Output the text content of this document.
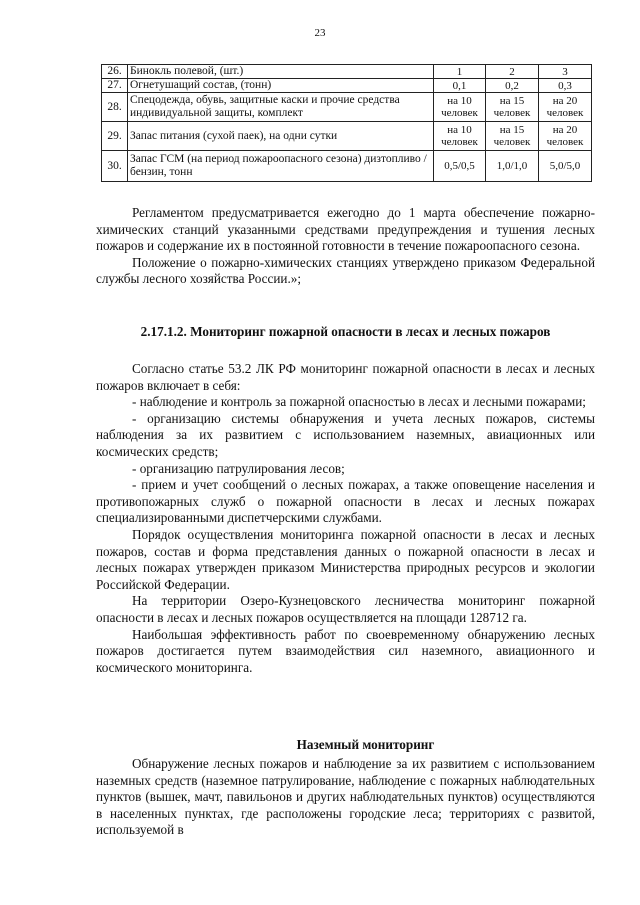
23
26.	Бинокль полевой, (шт.)	1	2	3
27.	Огнетушащий состав, (тонн)	0,1	0,2	0,3
28.	Спецодежда, обувь, защитные каски и прочие средства индивидуальной защиты, комплект	на 10 человек	на 15 человек	на 20 человек
29.	Запас питания (сухой паек), на одни сутки	на 10 человек	на 15 человек	на 20 человек
30.	Запас ГСМ (на период пожароопасного сезона) дизтопливо / бензин, тонн	0,5/0,5	1,0/1,0	5,0/5,0

Регламентом предусматривается ежегодно до 1 марта обеспечение пожарно-химических станций указанными средствами предупреждения и тушения лесных пожаров и содержание их в постоянной готовности в течение пожароопасного сезона.

Положение о пожарно-химических станциях утверждено приказом Федеральной службы лесного хозяйства России.»;

2.17.1.2. Мониторинг пожарной опасности в лесах и лесных пожаров

Согласно статье 53.2 ЛК РФ мониторинг пожарной опасности в лесах и лесных пожаров включает в себя:

- наблюдение и контроль за пожарной опасностью в лесах и лесными пожарами;

- организацию системы обнаружения и учета лесных пожаров, системы наблюдения за их развитием с использованием наземных, авиационных или космических средств;

- организацию патрулирования лесов;

- прием и учет сообщений о лесных пожарах, а также оповещение населения и противопожарных служб о пожарной опасности в лесах и лесных пожарах специализированными диспетчерскими службами.

Порядок осуществления мониторинга пожарной опасности в лесах и лесных пожаров, состав и форма представления данных о пожарной опасности в лесах и лесных пожарах утвержден приказом Министерства природных ресурсов и экологии Российской Федерации.

На территории Озеро-Кузнецовского лесничества мониторинг пожарной опасности в лесах и лесных пожаров осуществляется на площади 128712 га.

Наибольшая эффективность работ по своевременному обнаружению лесных пожаров достигается путем взаимодействия сил наземного, авиационного и космического мониторинга.

Наземный мониторинг

Обнаружение лесных пожаров и наблюдение за их развитием с использованием наземных средств (наземное патрулирование, наблюдение с пожарных наблюдательных пунктов (вышек, мачт, павильонов и других наблюдательных пунктов) осуществляются в населенных пунктах, где расположены городские леса; территориях с развитой, используемой в
